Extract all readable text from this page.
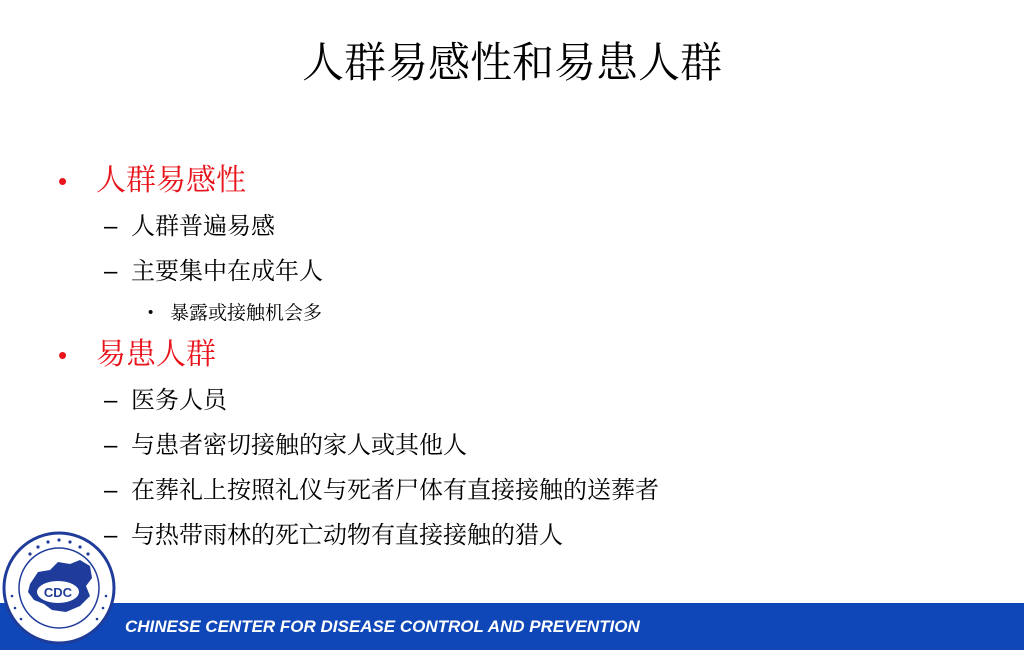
人群易感性和易患人群
• 人群易感性
– 人群普遍易感
– 主要集中在成年人
• 暴露或接触机会多
• 易患人群
– 医务人员
– 与患者密切接触的家人或其他人
– 在葬礼上按照礼仪与死者尸体有直接接触的送葬者
– 与热带雨林的死亡动物有直接接触的猎人
CHINESE CENTER FOR DISEASE CONTROL AND PREVENTION
CDC
